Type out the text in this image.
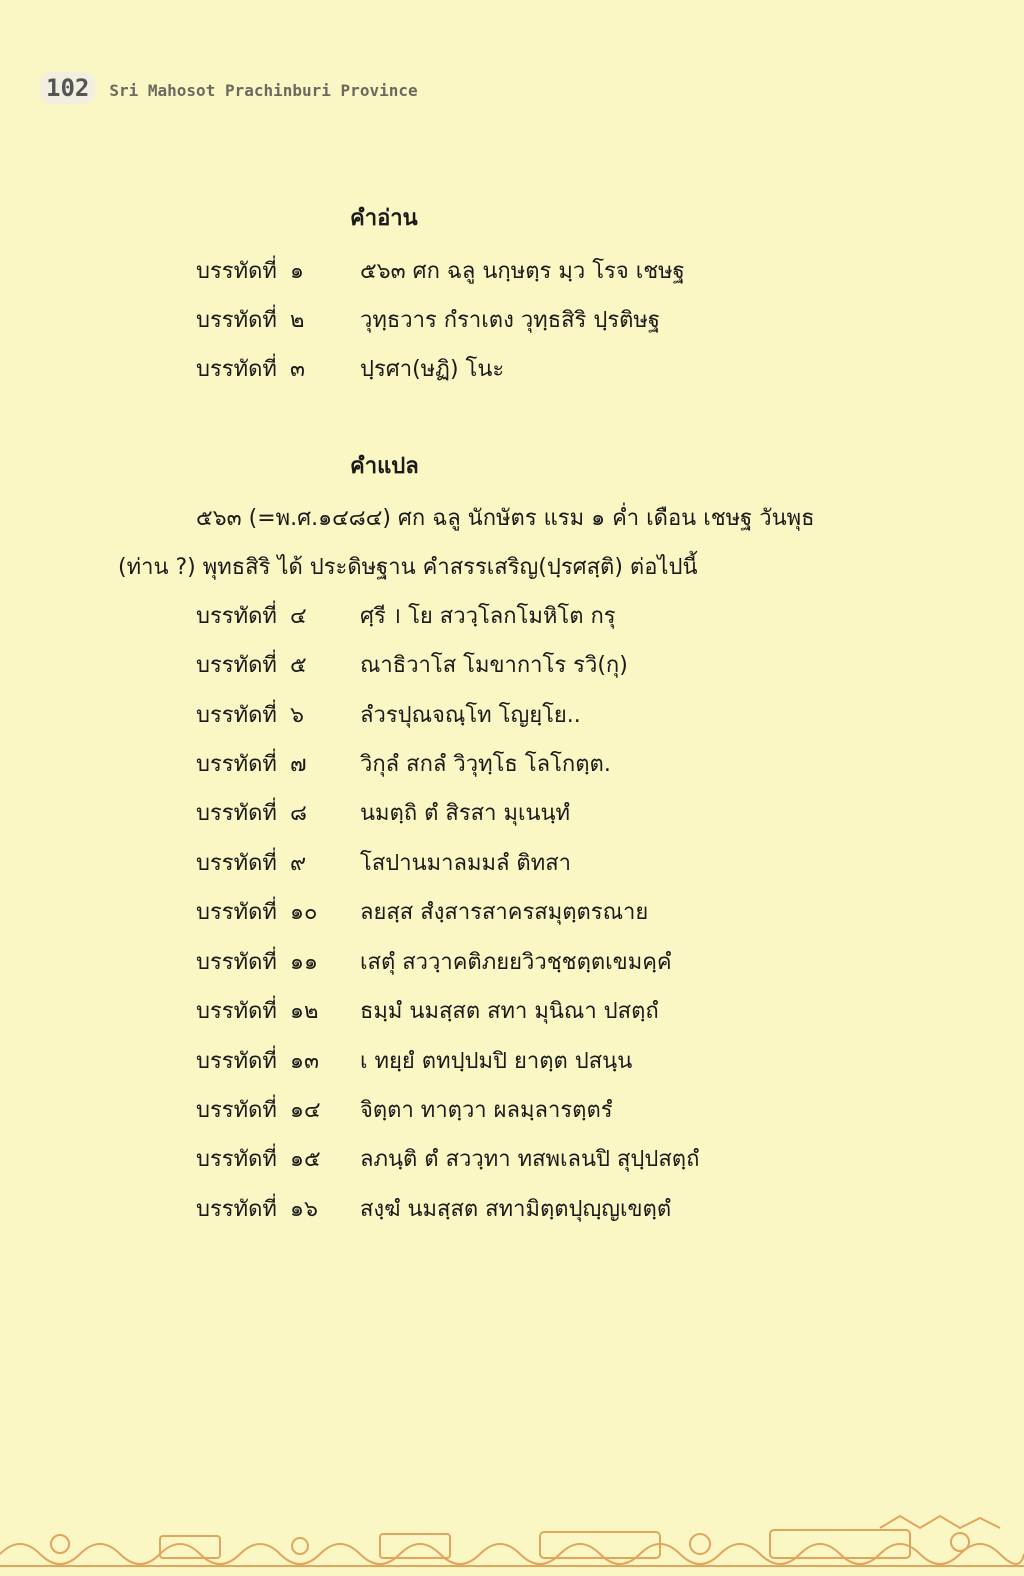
102	Sri Mahosot Prachinburi Province
คำอ่าน
บรรทัดที่ ๑	๕๖๓ ศก ฉลู นกฺษตฺร มฺว โรจ เชษฐ
บรรทัดที่ ๒	วุทฺธวาร กํราเตง วุทฺธสิริ ปฺรติษฐ
บรรทัดที่ ๓	ปฺรศา(ษฏิ) โนะ
คำแปล
๕๖๓ (=พ.ศ.๑๔๘๔) ศก ฉลู นักษัตร แรม ๑ ค่ำ เดือน เชษฐ วันพุธ
(ท่าน ?) พุทธสิริ ได้ ประดิษฐาน คำสรรเสริญ(ปฺรศสฺติ) ต่อไปนี้
บรรทัดที่ ๔	ศฺรี । โย สววฺโลกโมหิโต กรุ
บรรทัดที่ ๕	ณาธิวาโส โมขากาโร รวิ(กุ)
บรรทัดที่ ๖	ลํวรปุณจณฺโท โญยฺโย..
บรรทัดที่ ๗	วิกุลํ สกลํ วิวุทฺโธ โลโกตฺต.
บรรทัดที่ ๘	นมตฺถิ ตํ สิรสา มุเนนฺทํ
บรรทัดที่ ๙	โสปานมาลมมลํ ติทสา
บรรทัดที่ ๑๐	ลยสฺส สํงฺสารสาครสมุตฺตรณาย
บรรทัดที่ ๑๑	เสตุํ สววฺาคติภยยวิวชฺชตฺตเขมคฺคํ
บรรทัดที่ ๑๒	ธมฺมํ นมสฺสต สทา มุนิณา ปสตฺถํ
บรรทัดที่ ๑๓	เ ทยฺยํ ตทปฺปมปิ ยาตฺต ปสนฺน
บรรทัดที่ ๑๔	จิตฺตา ทาตฺวา ผลมฺลารตฺตรํ
บรรทัดที่ ๑๕	ลภนฺติ ตํ สววฺทา ทสพเลนปิ สุปฺปสตฺถํ
บรรทัดที่ ๑๖	สงฺฆํ นมสฺสต สทามิตฺตปุญฺญเขตฺตํ
